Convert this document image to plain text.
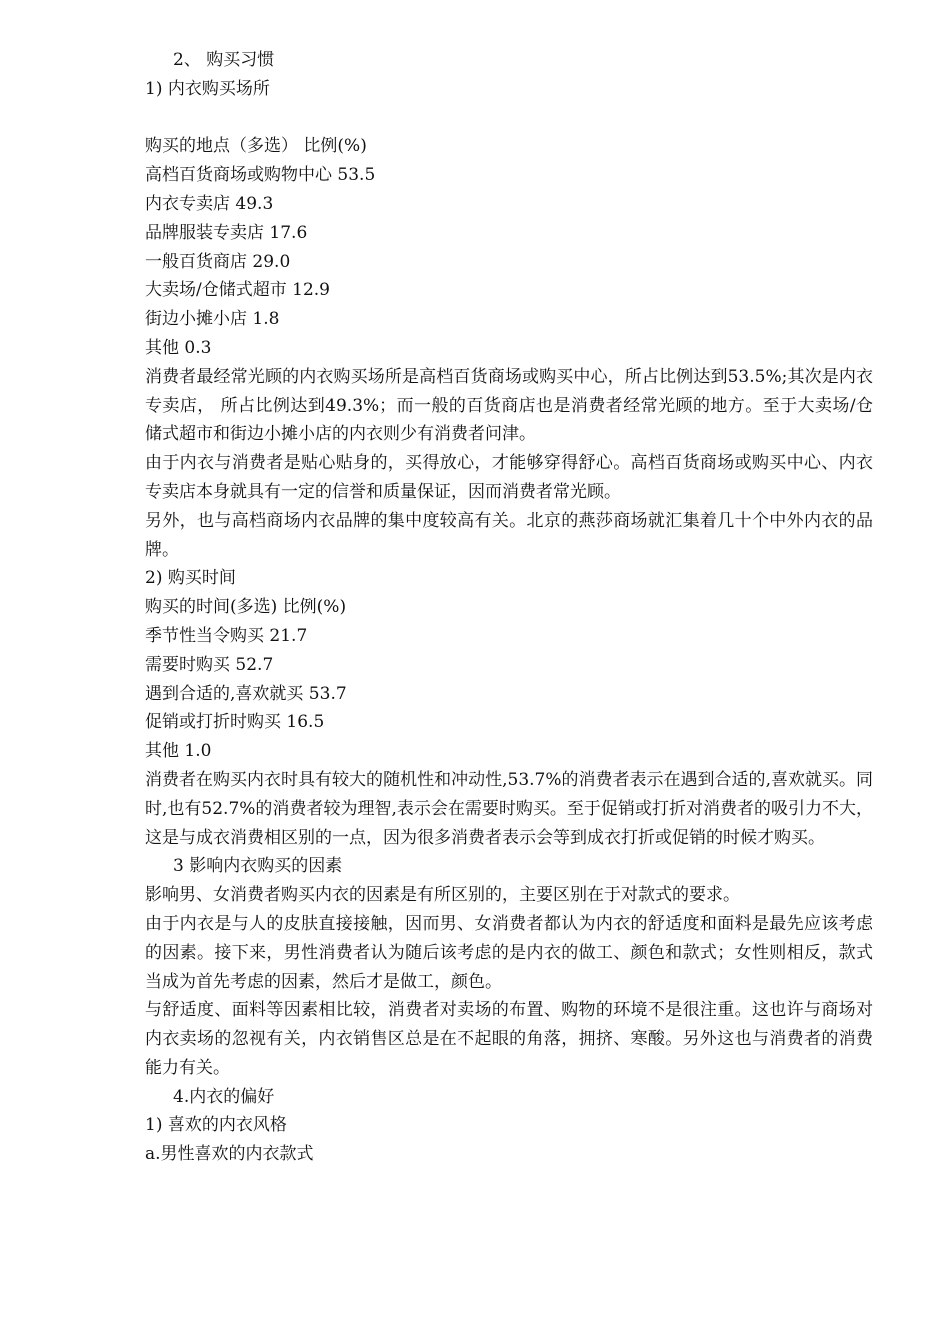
2、 购买习惯

1) 内衣购买场所

购买的地点（多选） 比例(%)

高档百货商场或购物中心 53.5

内衣专卖店 49.3

品牌服装专卖店 17.6

一般百货商店 29.0

大卖场/仓储式超市 12.9

街边小摊小店 1.8

其他 0.3

消费者最经常光顾的内衣购买场所是高档百货商场或购买中心，所占比例达到53.5%;其次是内衣专卖店， 所占比例达到49.3%；而一般的百货商店也是消费者经常光顾的地方。至于大卖场/仓储式超市和街边小摊小店的内衣则少有消费者问津。

由于内衣与消费者是贴心贴身的，买得放心，才能够穿得舒心。高档百货商场或购买中心、内衣专卖店本身就具有一定的信誉和质量保证，因而消费者常光顾。

另外，也与高档商场内衣品牌的集中度较高有关。北京的燕莎商场就汇集着几十个中外内衣的品牌。

2) 购买时间

购买的时间(多选) 比例(%)

季节性当令购买 21.7

需要时购买 52.7

遇到合适的,喜欢就买 53.7

促销或打折时购买 16.5

其他 1.0

消费者在购买内衣时具有较大的随机性和冲动性,53.7%的消费者表示在遇到合适的,喜欢就买。同时,也有52.7%的消费者较为理智,表示会在需要时购买。至于促销或打折对消费者的吸引力不大，这是与成衣消费相区别的一点，因为很多消费者表示会等到成衣打折或促销的时候才购买。

3 影响内衣购买的因素

影响男、女消费者购买内衣的因素是有所区别的，主要区别在于对款式的要求。

由于内衣是与人的皮肤直接接触，因而男、女消费者都认为内衣的舒适度和面料是最先应该考虑的因素。接下来，男性消费者认为随后该考虑的是内衣的做工、颜色和款式；女性则相反，款式当成为首先考虑的因素，然后才是做工，颜色。

与舒适度、面料等因素相比较，消费者对卖场的布置、购物的环境不是很注重。这也许与商场对内衣卖场的忽视有关，内衣销售区总是在不起眼的角落，拥挤、寒酸。另外这也与消费者的消费能力有关。

4.内衣的偏好

1) 喜欢的内衣风格

a.男性喜欢的内衣款式
